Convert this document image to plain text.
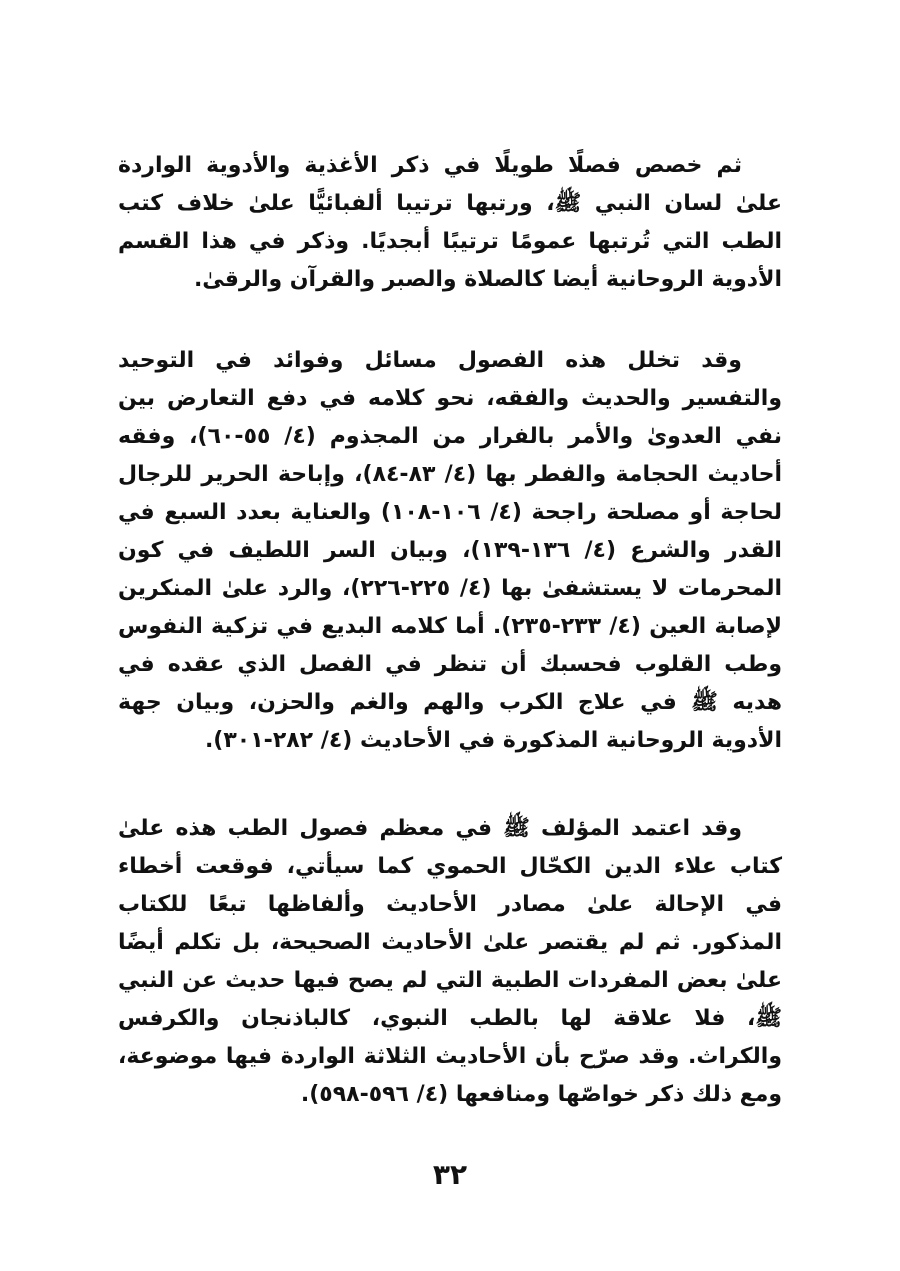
ثم خصص فصلًا طويلًا في ذكر الأغذية والأدوية الواردة علىٰ لسان النبي ﷺ، ورتبها ترتيبا ألفبائيًّا علىٰ خلاف كتب الطب التي تُرتبها عمومًا ترتيبًا أبجديًا. وذكر في هذا القسم الأدوية الروحانية أيضا كالصلاة والصبر والقرآن والرقىٰ.

وقد تخلل هذه الفصول مسائل وفوائد في التوحيد والتفسير والحديث والفقه، نحو كلامه في دفع التعارض بين نفي العدوىٰ والأمر بالفرار من المجذوم (٤/ ٥٥-٦٠)، وفقه أحاديث الحجامة والفطر بها (٤/ ٨٣-٨٤)، وإباحة الحرير للرجال لحاجة أو مصلحة راجحة (٤/ ١٠٦-١٠٨) والعناية بعدد السبع في القدر والشرع (٤/ ١٣٦-١٣٩)، وبيان السر اللطيف في كون المحرمات لا يستشفىٰ بها (٤/ ٢٢٥-٢٢٦)، والرد علىٰ المنكرين لإصابة العين (٤/ ٢٣٣-٢٣٥). أما كلامه البديع في تزكية النفوس وطب القلوب فحسبك أن تنظر في الفصل الذي عقده في هديه ﷺ في علاج الكرب والهم والغم والحزن، وبيان جهة الأدوية الروحانية المذكورة في الأحاديث (٤/ ٢٨٢-٣٠١).

وقد اعتمد المؤلف ﷺ في معظم فصول الطب هذه علىٰ كتاب علاء الدين الكحّال الحموي كما سيأتي، فوقعت أخطاء في الإحالة علىٰ مصادر الأحاديث وألفاظها تبعًا للكتاب المذكور. ثم لم يقتصر علىٰ الأحاديث الصحيحة، بل تكلم أيضًا علىٰ بعض المفردات الطبية التي لم يصح فيها حديث عن النبي ﷺ، فلا علاقة لها بالطب النبوي، كالباذنجان والكرفس والكراث. وقد صرّح بأن الأحاديث الثلاثة الواردة فيها موضوعة، ومع ذلك ذكر خواصّها ومنافعها (٤/ ٥٩٦-٥٩٨).

٣٢
